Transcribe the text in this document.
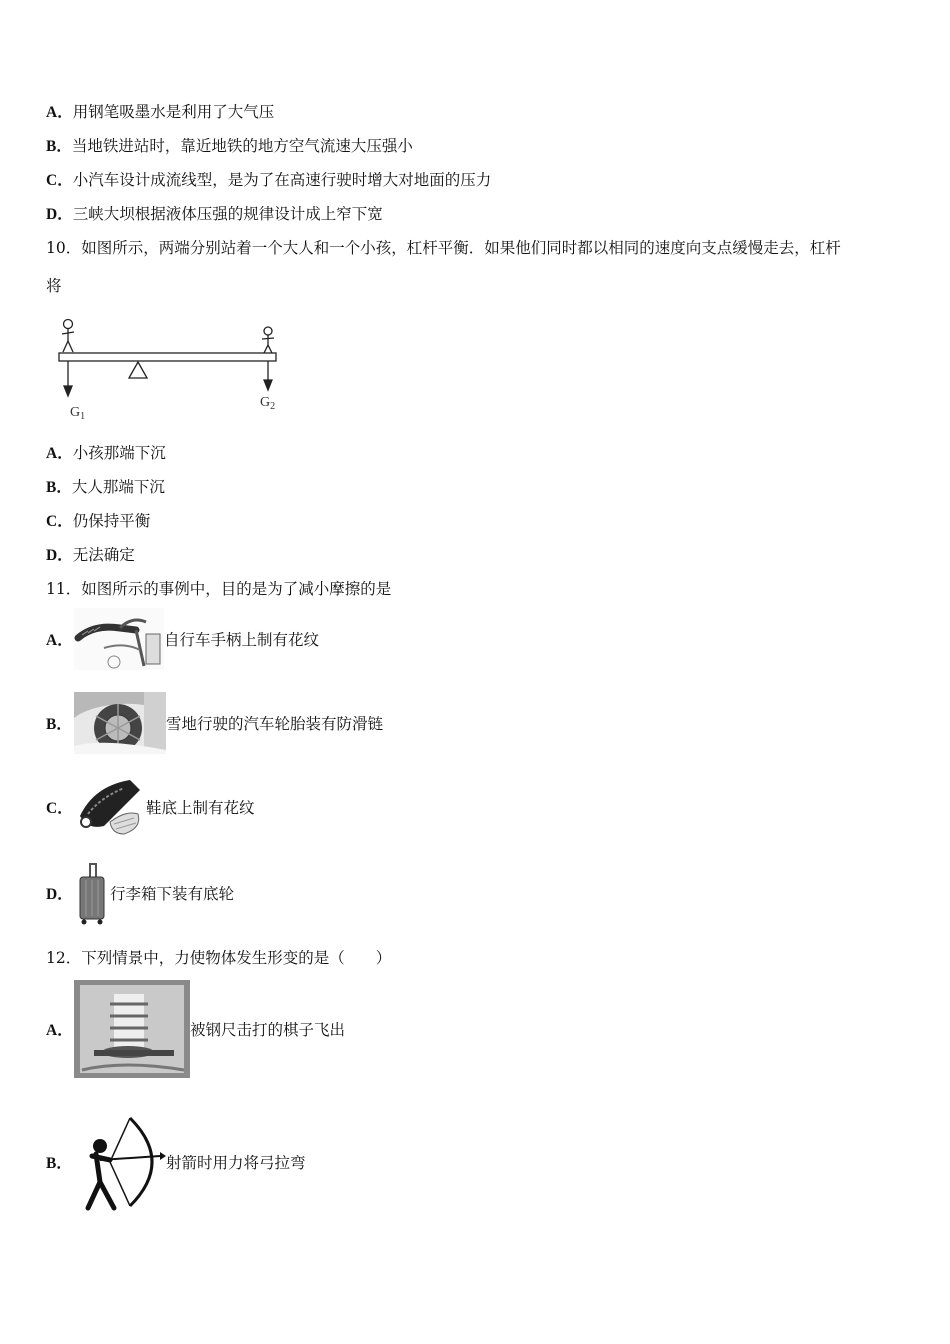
A．用钢笔吸墨水是利用了大气压
B．当地铁进站时，靠近地铁的地方空气流速大压强小
C．小汽车设计成流线型，是为了在高速行驶时增大对地面的压力
D．三峡大坝根据液体压强的规律设计成上窄下宽
10．如图所示，两端分别站着一个大人和一个小孩，杠杆平衡．如果他们同时都以相同的速度向支点缓慢走去，杠杆
将
$G_1$
$G_2$
A．小孩那端下沉
B．大人那端下沉
C．仍保持平衡
D．无法确定
11．如图所示的事例中，目的是为了减小摩擦的是
A．	自行车手柄上制有花纹
B．	雪地行驶的汽车轮胎装有防滑链
C．	鞋底上制有花纹
D． 行李箱下装有底轮
12．下列情景中，力使物体发生形变的是（　　）
A．	被钢尺击打的棋子飞出
B．	射箭时用力将弓拉弯
